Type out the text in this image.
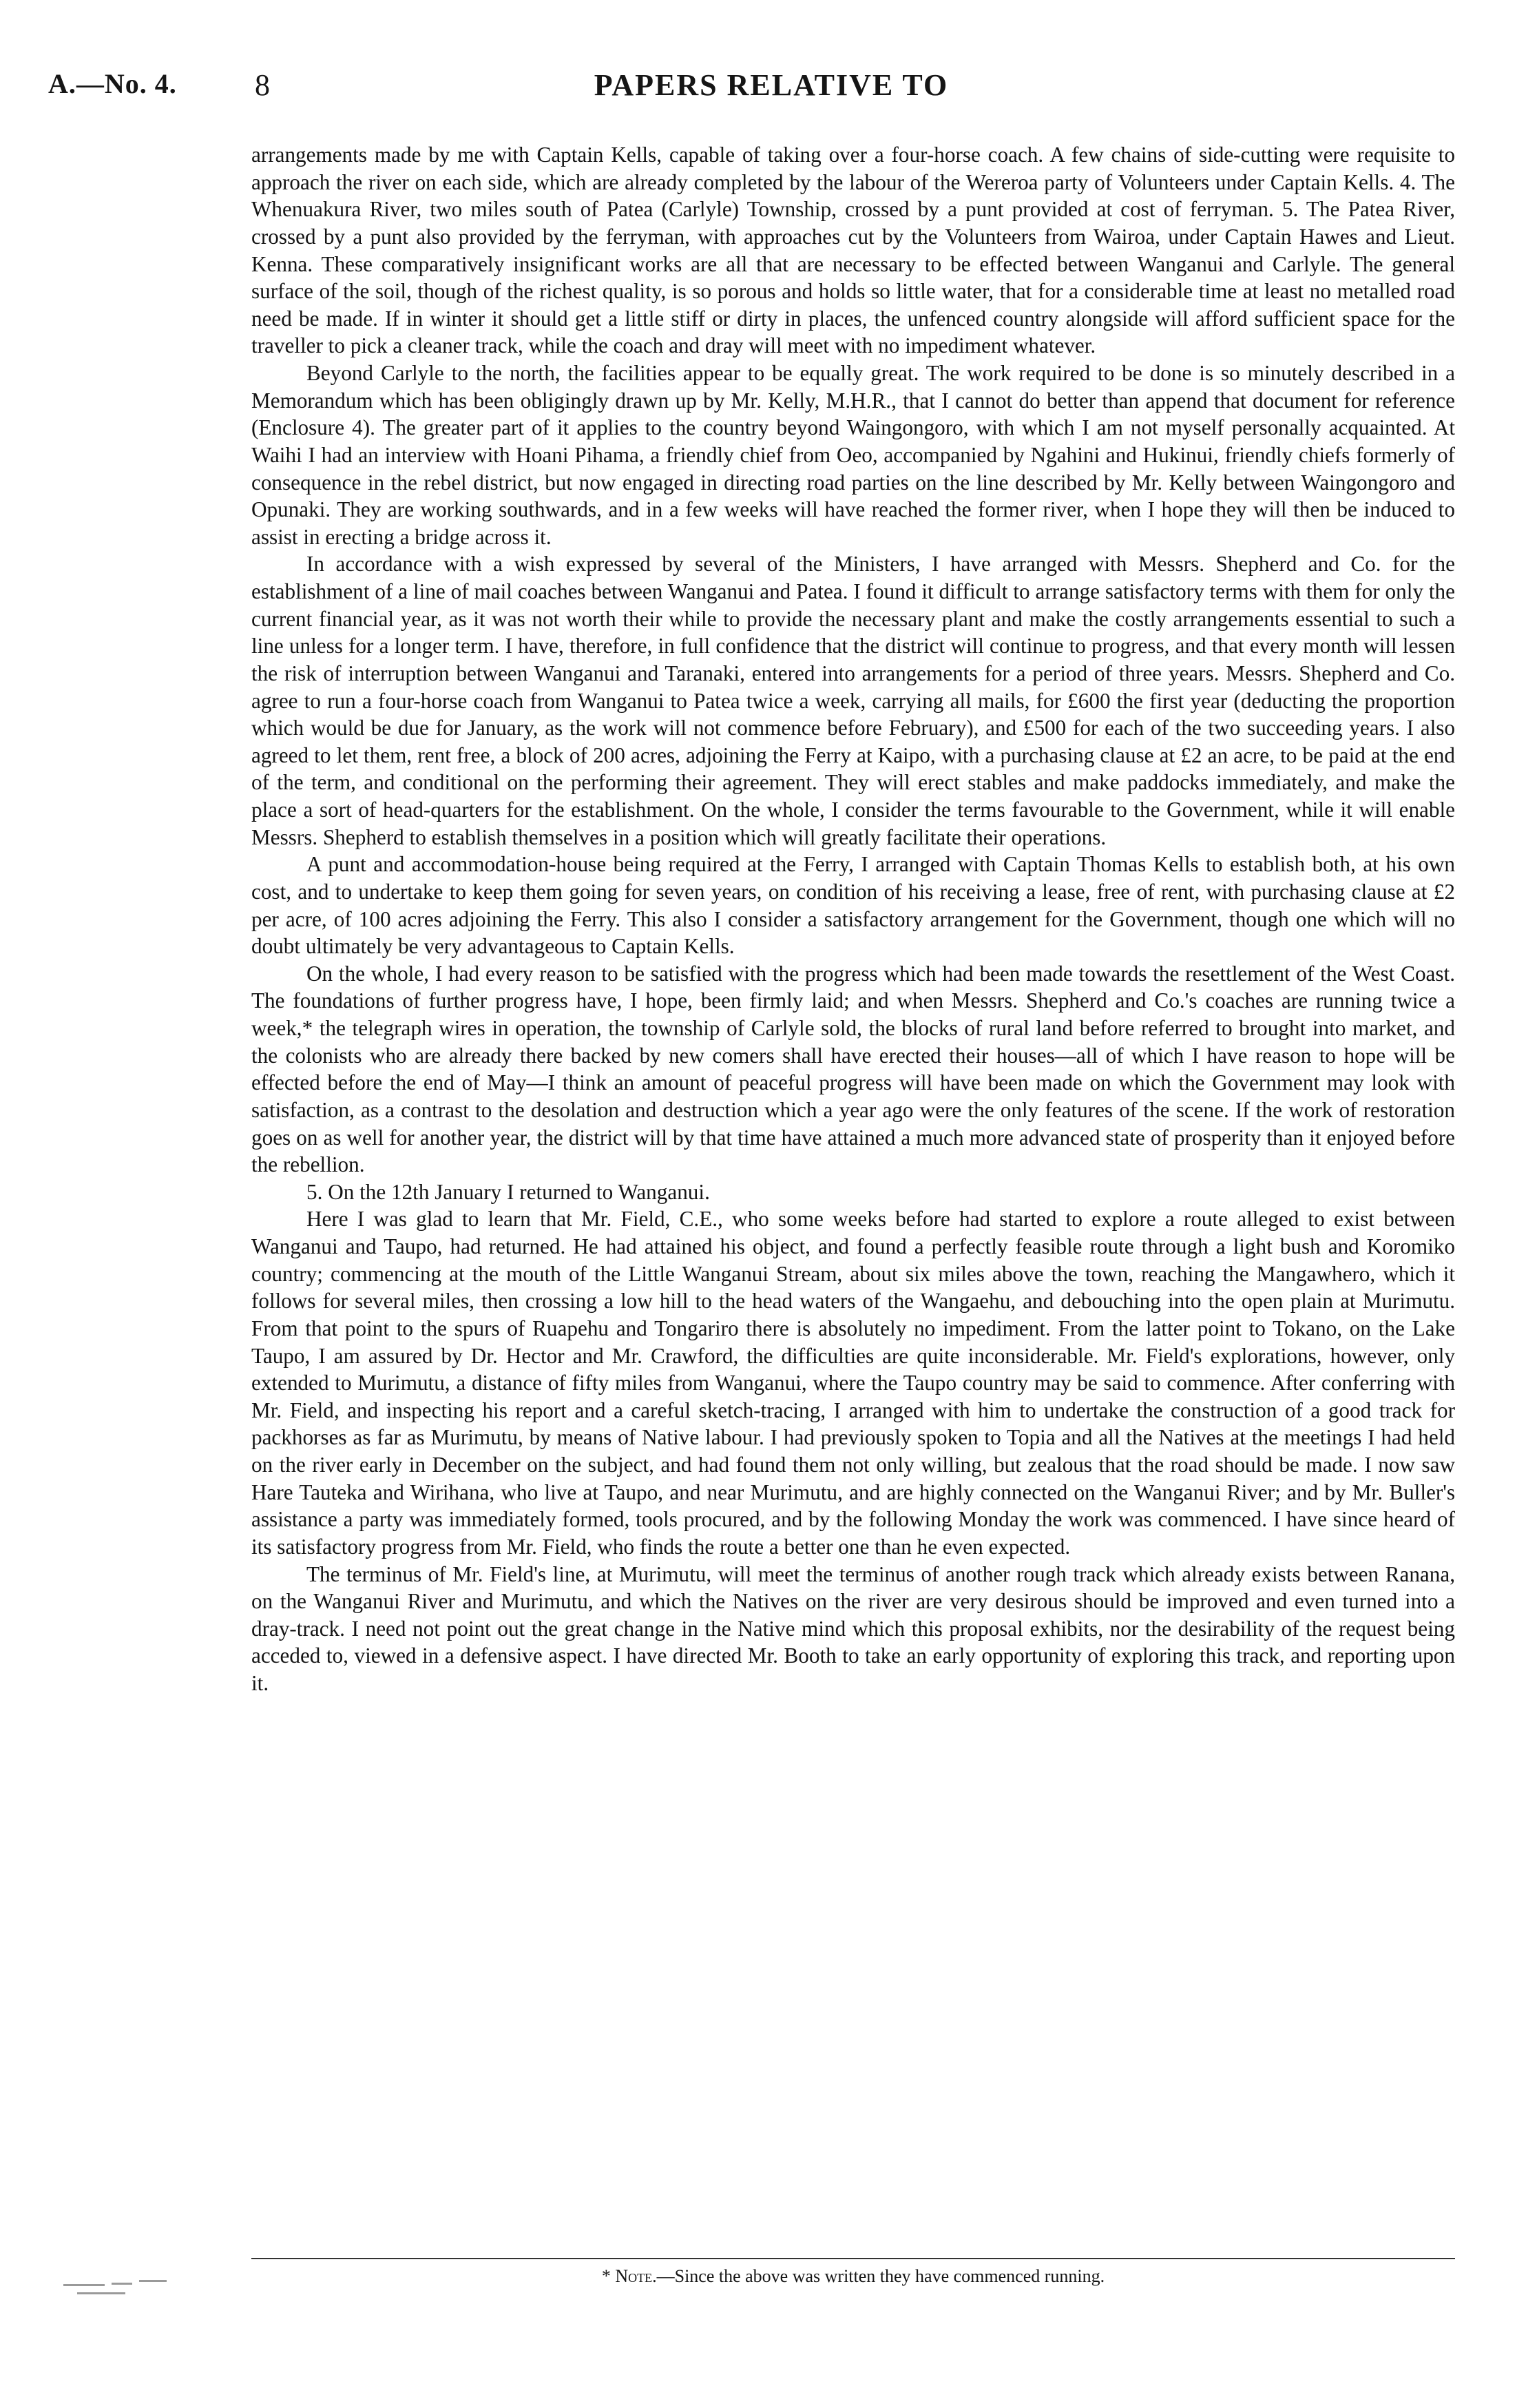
A.—No. 4.	8	PAPERS RELATIVE TO

arrangements made by me with Captain Kells, capable of taking over a four-horse coach. A few chains of side-cutting were requisite to approach the river on each side, which are already completed by the labour of the Wereroa party of Volunteers under Captain Kells. 4. The Whenuakura River, two miles south of Patea (Carlyle) Township, crossed by a punt provided at cost of ferryman. 5. The Patea River, crossed by a punt also provided by the ferryman, with approaches cut by the Volunteers from Wairoa, under Captain Hawes and Lieut. Kenna. These comparatively insignificant works are all that are necessary to be effected between Wanganui and Carlyle. The general surface of the soil, though of the richest quality, is so porous and holds so little water, that for a considerable time at least no metalled road need be made. If in winter it should get a little stiff or dirty in places, the unfenced country alongside will afford sufficient space for the traveller to pick a cleaner track, while the coach and dray will meet with no impediment whatever.

Beyond Carlyle to the north, the facilities appear to be equally great. The work required to be done is so minutely described in a Memorandum which has been obligingly drawn up by Mr. Kelly, M.H.R., that I cannot do better than append that document for reference (Enclosure 4). The greater part of it applies to the country beyond Waingongoro, with which I am not myself personally acquainted. At Waihi I had an interview with Hoani Pihama, a friendly chief from Oeo, accompanied by Ngahini and Hukinui, friendly chiefs formerly of consequence in the rebel district, but now engaged in directing road parties on the line described by Mr. Kelly between Waingongoro and Opunaki. They are working southwards, and in a few weeks will have reached the former river, when I hope they will then be induced to assist in erecting a bridge across it.

In accordance with a wish expressed by several of the Ministers, I have arranged with Messrs. Shepherd and Co. for the establishment of a line of mail coaches between Wanganui and Patea. I found it difficult to arrange satisfactory terms with them for only the current financial year, as it was not worth their while to provide the necessary plant and make the costly arrangements essential to such a line unless for a longer term. I have, therefore, in full confidence that the district will continue to progress, and that every month will lessen the risk of interruption between Wanganui and Taranaki, entered into arrangements for a period of three years. Messrs. Shepherd and Co. agree to run a four-horse coach from Wanganui to Patea twice a week, carrying all mails, for £600 the first year (deducting the proportion which would be due for January, as the work will not commence before February), and £500 for each of the two succeeding years. I also agreed to let them, rent free, a block of 200 acres, adjoining the Ferry at Kaipo, with a purchasing clause at £2 an acre, to be paid at the end of the term, and conditional on the performing their agreement. They will erect stables and make paddocks immediately, and make the place a sort of head-quarters for the establishment. On the whole, I consider the terms favourable to the Government, while it will enable Messrs. Shepherd to establish themselves in a position which will greatly facilitate their operations.

A punt and accommodation-house being required at the Ferry, I arranged with Captain Thomas Kells to establish both, at his own cost, and to undertake to keep them going for seven years, on condition of his receiving a lease, free of rent, with purchasing clause at £2 per acre, of 100 acres adjoining the Ferry. This also I consider a satisfactory arrangement for the Government, though one which will no doubt ultimately be very advantageous to Captain Kells.

On the whole, I had every reason to be satisfied with the progress which had been made towards the resettlement of the West Coast. The foundations of further progress have, I hope, been firmly laid; and when Messrs. Shepherd and Co.'s coaches are running twice a week,* the telegraph wires in operation, the township of Carlyle sold, the blocks of rural land before referred to brought into market, and the colonists who are already there backed by new comers shall have erected their houses—all of which I have reason to hope will be effected before the end of May—I think an amount of peaceful progress will have been made on which the Government may look with satisfaction, as a contrast to the desolation and destruction which a year ago were the only features of the scene. If the work of restoration goes on as well for another year, the district will by that time have attained a much more advanced state of prosperity than it enjoyed before the rebellion.

5. On the 12th January I returned to Wanganui.

Here I was glad to learn that Mr. Field, C.E., who some weeks before had started to explore a route alleged to exist between Wanganui and Taupo, had returned. He had attained his object, and found a perfectly feasible route through a light bush and Koromiko country; commencing at the mouth of the Little Wanganui Stream, about six miles above the town, reaching the Mangawhero, which it follows for several miles, then crossing a low hill to the head waters of the Wangaehu, and debouching into the open plain at Murimutu. From that point to the spurs of Ruapehu and Tongariro there is absolutely no impediment. From the latter point to Tokano, on the Lake Taupo, I am assured by Dr. Hector and Mr. Crawford, the difficulties are quite inconsiderable. Mr. Field's explorations, however, only extended to Murimutu, a distance of fifty miles from Wanganui, where the Taupo country may be said to commence. After conferring with Mr. Field, and inspecting his report and a careful sketch-tracing, I arranged with him to undertake the construction of a good track for packhorses as far as Murimutu, by means of Native labour. I had previously spoken to Topia and all the Natives at the meetings I had held on the river early in December on the subject, and had found them not only willing, but zealous that the road should be made. I now saw Hare Tauteka and Wirihana, who live at Taupo, and near Murimutu, and are highly connected on the Wanganui River; and by Mr. Buller's assistance a party was immediately formed, tools procured, and by the following Monday the work was commenced. I have since heard of its satisfactory progress from Mr. Field, who finds the route a better one than he even expected.

The terminus of Mr. Field's line, at Murimutu, will meet the terminus of another rough track which already exists between Ranana, on the Wanganui River and Murimutu, and which the Natives on the river are very desirous should be improved and even turned into a dray-track. I need not point out the great change in the Native mind which this proposal exhibits, nor the desirability of the request being acceded to, viewed in a defensive aspect. I have directed Mr. Booth to take an early opportunity of exploring this track, and reporting upon it.

* Note.—Since the above was written they have commenced running.
